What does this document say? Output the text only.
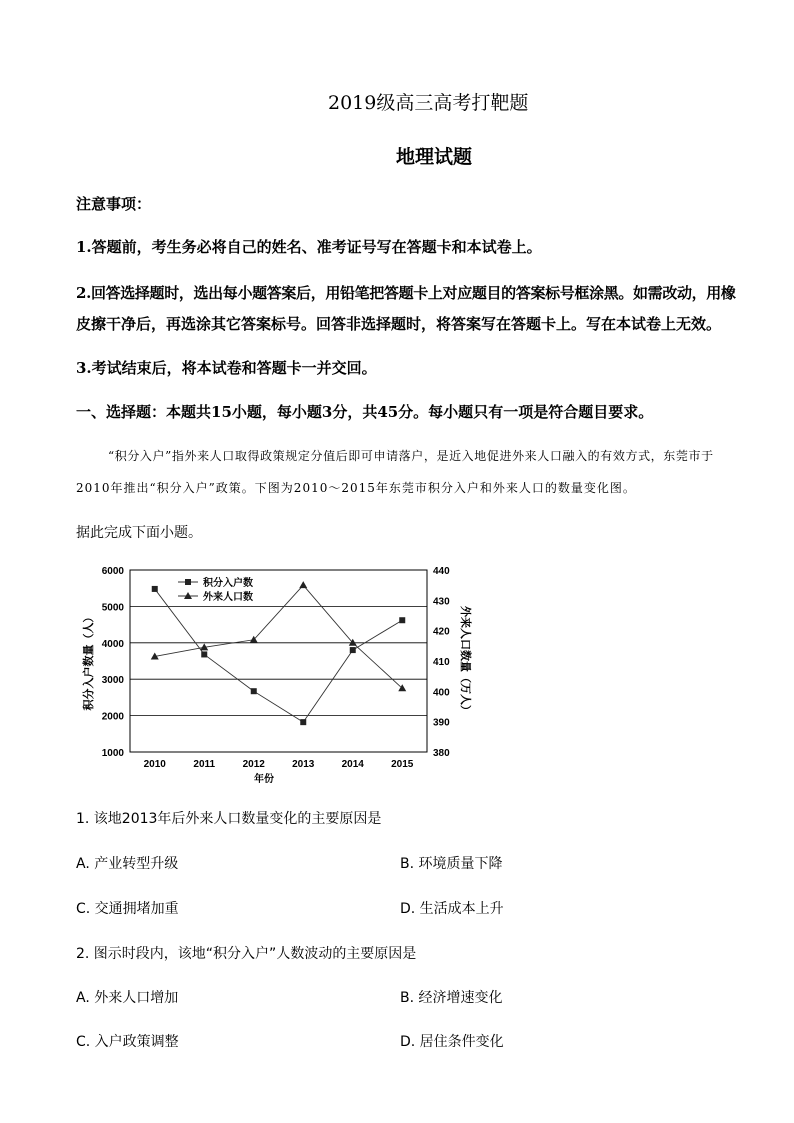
2019级高三高考打靶题
地理试题
注意事项：
1.答题前，考生务必将自己的姓名、准考证号写在答题卡和本试卷上。
2.回答选择题时，选出每小题答案后，用铅笔把答题卡上对应题目的答案标号框涂黑。如需改动，用橡
皮擦干净后，再选涂其它答案标号。回答非选择题时，将答案写在答题卡上。写在本试卷上无效。
3.考试结束后，将本试卷和答题卡一并交回。
一、选择题：本题共15小题，每小题3分，共45分。每小题只有一项是符合题目要求。
“积分入户”指外来人口取得政策规定分值后即可申请落户，是近入地促进外来人口融入的有效方式，东莞市于
2010年推出“积分入户”政策。下图为2010～2015年东莞市积分入户和外来人口的数量变化图。
据此完成下面小题。
6000
5000
4000
3000
2000
1000
440
430
420
410
400
390
380
2010	2011	2012	2013	2014	2015
积分入户数
外来人口数
年份
积分入户数量（人）	外来人口数量（万人）
1. 该地2013年后外来人口数量变化的主要原因是
A. 产业转型升级	B. 环境质量下降
C. 交通拥堵加重	D. 生活成本上升
2. 图示时段内，该地“积分入户”人数波动的主要原因是
A. 外来人口增加	B. 经济增速变化
C. 入户政策调整	D. 居住条件变化
